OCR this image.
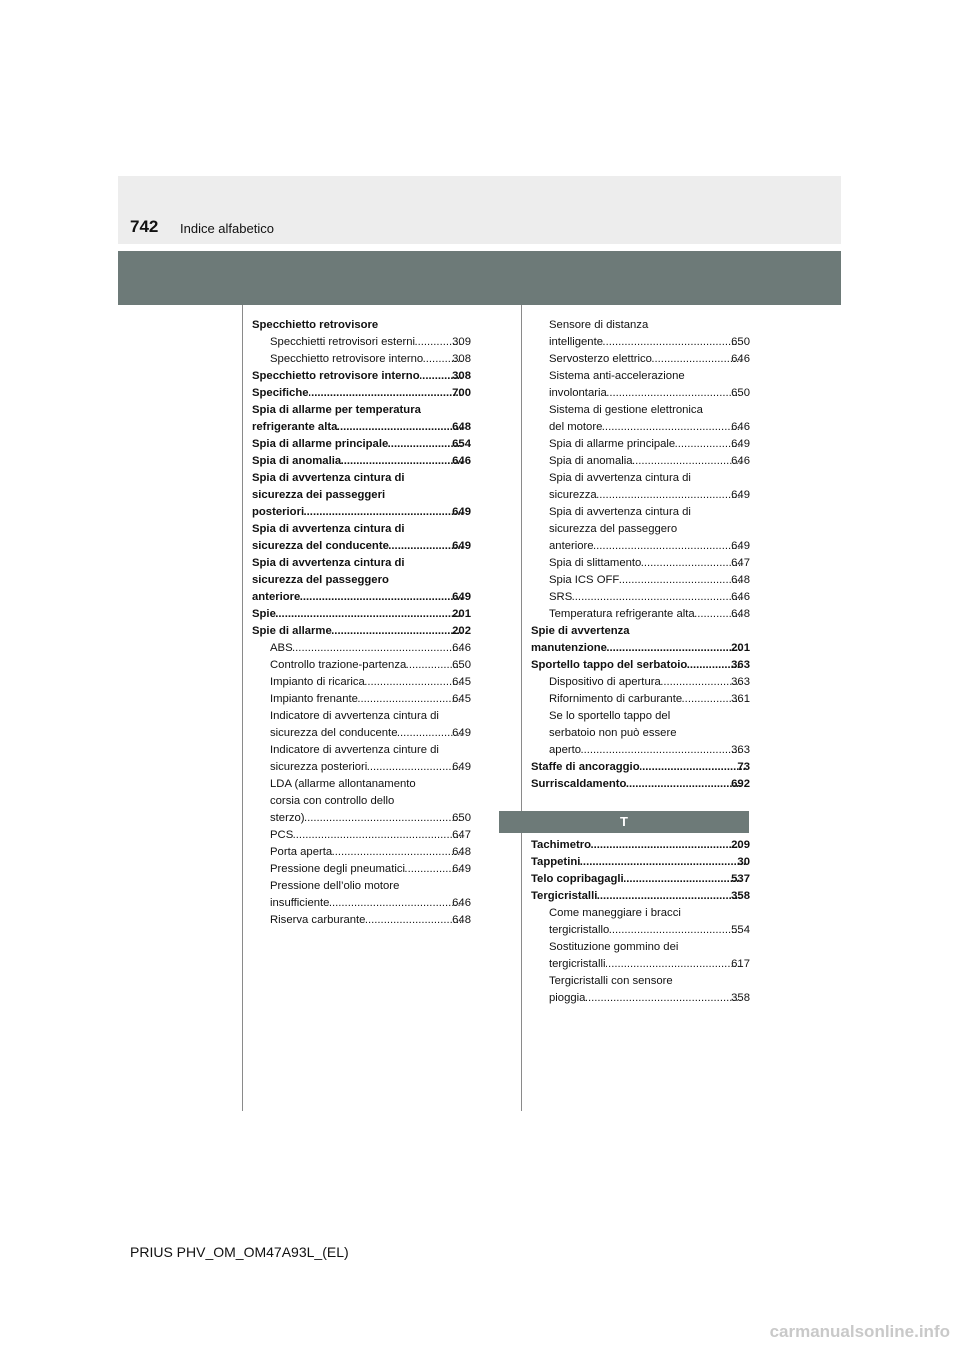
742 Indice alfabetico
Specchietto retrovisore
Specchietti retrovisori esterni .....	309
Specchietto retrovisore interno .....	308
Specchietto retrovisore interno .....	308
Specifiche .....	700
Spia di allarme per temperatura
refrigerante alta .....	648
Spia di allarme principale .....	654
Spia di anomalia .....	646
Spia di avvertenza cintura di
sicurezza dei passeggeri
posteriori .....	649
Spia di avvertenza cintura di
sicurezza del conducente .....	649
Spia di avvertenza cintura di
sicurezza del passeggero
anteriore .....	649
Spie .....	201
Spie di allarme .....	202
ABS .....	646
Controllo trazione-partenza .....	650
Impianto di ricarica .....	645
Impianto frenante .....	645
Indicatore di avvertenza cintura di
sicurezza del conducente .....	649
Indicatore di avvertenza cinture di
sicurezza posteriori .....	649
LDA (allarme allontanamento
corsia con controllo dello
sterzo) .....	650
PCS .....	647
Porta aperta .....	648
Pressione degli pneumatici .....	649
Pressione dell’olio motore
insufficiente .....	646
Riserva carburante .....	648
Sensore di distanza
intelligente .....	650
Servosterzo elettrico .....	646
Sistema anti-accelerazione
involontaria .....	650
Sistema di gestione elettronica
del motore .....	646
Spia di allarme principale .....	649
Spia di anomalia .....	646
Spia di avvertenza cintura di
sicurezza .....	649
Spia di avvertenza cintura di
sicurezza del passeggero
anteriore .....	649
Spia di slittamento .....	647
Spia ICS OFF .....	648
SRS .....	646
Temperatura refrigerante alta .....	648
Spie di avvertenza
manutenzione .....	201
Sportello tappo del serbatoio .....	363
Dispositivo di apertura .....	363
Rifornimento di carburante .....	361
Se lo sportello tappo del
serbatoio non può essere
aperto .....	363
Staffe di ancoraggio .....	73
Surriscaldamento .....	692
T
Tachimetro .....	209
Tappetini .....	30
Telo copribagagli .....	537
Tergicristalli .....	358
Come maneggiare i bracci
tergicristallo .....	554
Sostituzione gommino dei
tergicristalli .....	617
Tergicristalli con sensore
pioggia .....	358
PRIUS PHV_OM_OM47A93L_(EL)
carmanualsonline.info
